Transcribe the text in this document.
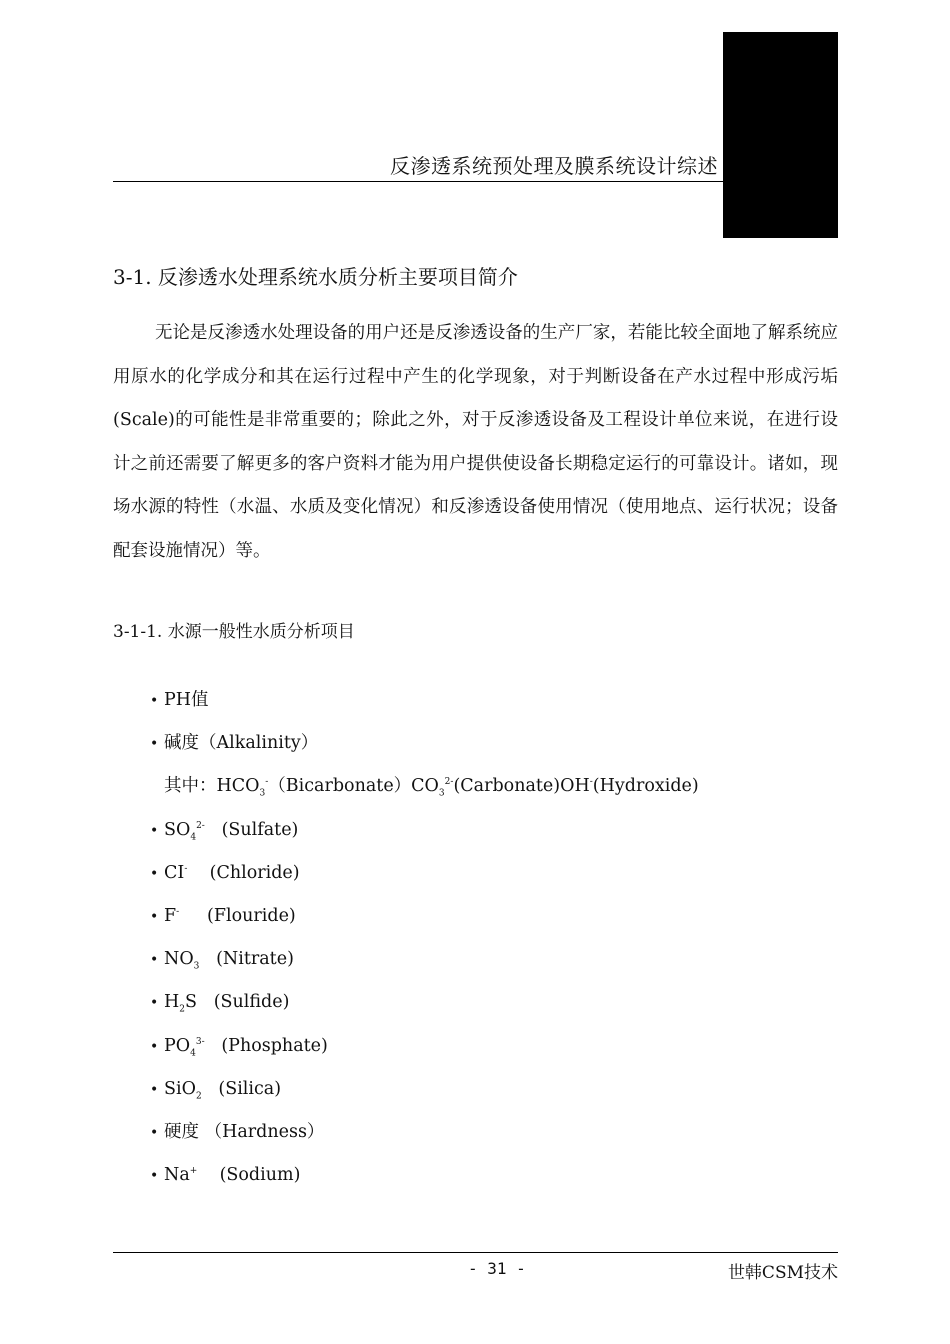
反渗透系统预处理及膜系统设计综述
3-1. 反渗透水处理系统水质分析主要项目简介

无论是反渗透水处理设备的用户还是反渗透设备的生产厂家，若能比较全面地了解系统应用原水的化学成分和其在运行过程中产生的化学现象，对于判断设备在产水过程中形成污垢(Scale)的可能性是非常重要的；除此之外，对于反渗透设备及工程设计单位来说，在进行设计之前还需要了解更多的客户资料才能为用户提供使设备长期稳定运行的可靠设计。诸如，现场水源的特性（水温、水质及变化情况）和反渗透设备使用情况（使用地点、运行状况；设备配套设施情况）等。

3-1-1. 水源一般性水质分析项目
• PH值
• 碱度（Alkalinity）
其中：$HCO_3^-(Bicarbonate)CO_3^{2-}(Carbonate)OH^-(Hydroxide)$
• $SO_4^{2-}$ (Sulfate)
• CI- (Chloride)
• F- (Flouride)
• $NO_3$ (Nitrate)
• $H_2S$ (Sulfide)
• $PO_4^{3-}$ (Phosphate)
• SiO$_2$ (Silica)
• 硬度 （Hardness）
• Na+ (Sodium)
- 31 -	世韩CSM技术
